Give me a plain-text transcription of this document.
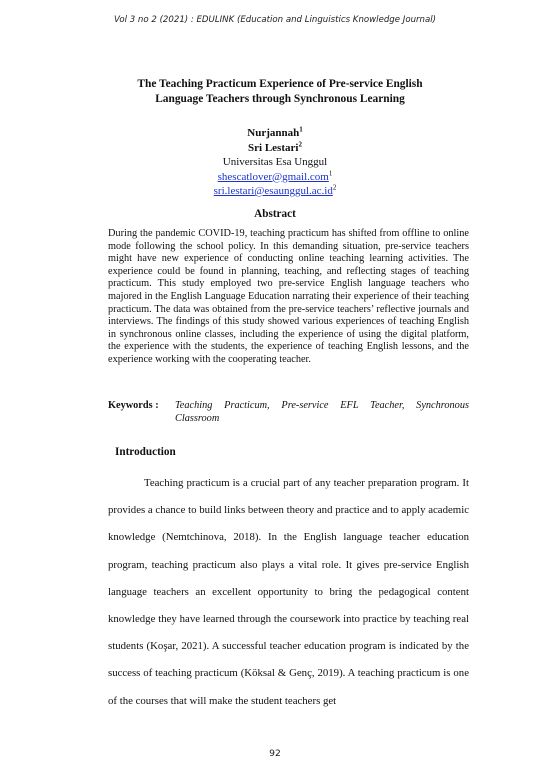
Vol 3 no 2 (2021) : EDULINK (Education and Linguistics Knowledge Journal)
The Teaching Practicum Experience of Pre-service English
Language Teachers through Synchronous Learning
Nurjannah$^1$
Sri Lestari$^2$
Universitas Esa Unggul
shescatlover@gmail.com$^1$
$sri.lestari@esaunggul.ac.id^2$
Abstract
During the pandemic COVID-19, teaching practicum has shifted from offline to online mode following the school policy. In this demanding situation, pre-service teachers might have new experience of conducting online teaching learning activities. The experience could be found in planning, teaching, and reflecting stages of teaching practicum. This study employed two pre-service English language teachers who majored in the English Language Education narrating their experience of their teaching practicum. The data was obtained from the pre-service teachers’ reflective journals and interviews. The findings of this study showed various experiences of teaching English in synchronous online classes, including the experience of using the digital platform, the experience with the students, the experience of teaching English lessons, and the experience working with the cooperating teacher.
Keywords : Teaching Practicum, Pre-service EFL Teacher, Synchronous Classroom
Introduction

Teaching practicum is a crucial part of any teacher preparation program. It provides a chance to build links between theory and practice and to apply academic knowledge (Nemtchinova, 2018). In the English language teacher education program, teaching practicum also plays a vital role. It gives pre-service English language teachers an excellent opportunity to bring the pedagogical content knowledge they have learned through the coursework into practice by teaching real students (Koşar, 2021). A successful teacher education program is indicated by the success of teaching practicum (Köksal & Genç, 2019). A teaching practicum is one of the courses that will make the student teachers get

92
